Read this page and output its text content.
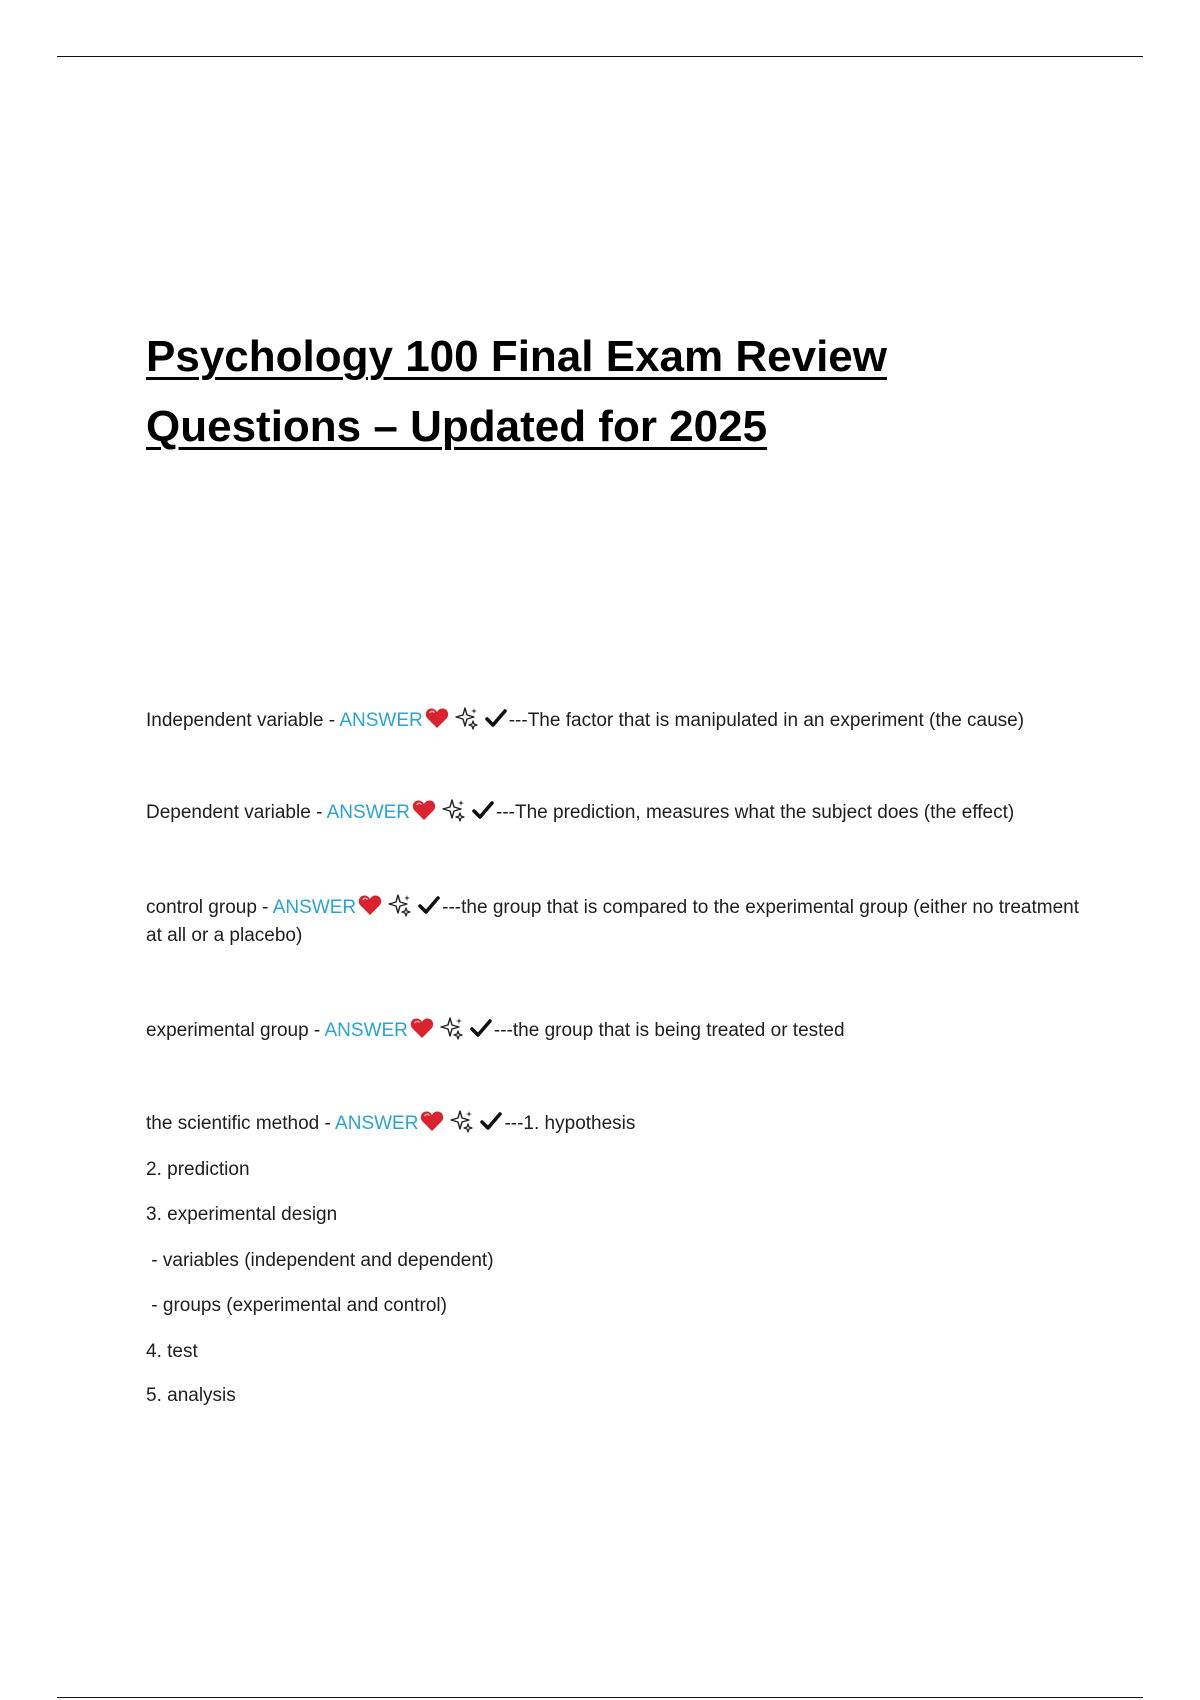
Psychology 100 Final Exam Review
Questions – Updated for 2025
Independent variable - ANSWER	---The factor that is manipulated in an experiment (the cause)
Dependent variable - ANSWER	---The prediction, measures what the subject does (the effect)
control group - ANSWER	---the group that is compared to the experimental group (either no treatment at all or a placebo)
experimental group - ANSWER	---the group that is being treated or tested
the scientific method - ANSWER	---1. hypothesis
2. prediction
3. experimental design
- variables (independent and dependent)
- groups (experimental and control)
4. test
5. analysis
